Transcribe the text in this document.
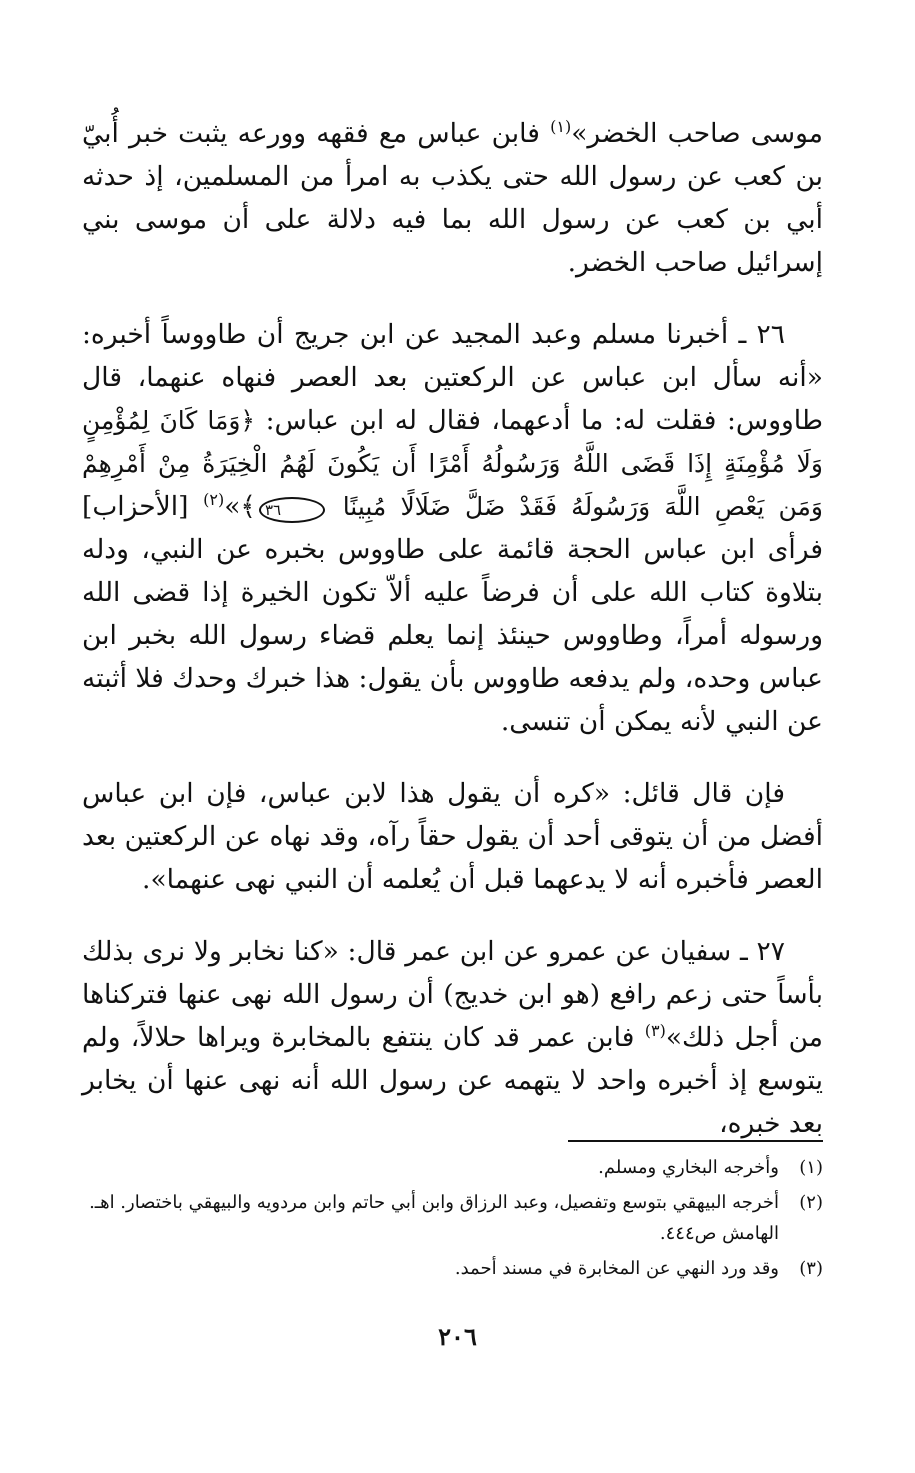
موسى صاحب الخضر»$^{(١)}$ فابن عباس مع فقهه وورعه يثبت خبر أُبيّ بن كعب عن رسول الله حتى يكذب به امرأ من المسلمين، إذ حدثه أبي بن كعب عن رسول الله بما فيه دلالة على أن موسى بني إسرائيل صاحب الخضر.

٢٦ ـ أخبرنا مسلم وعبد المجيد عن ابن جريج أن طاووساً أخبره: «أنه سأل ابن عباس عن الركعتين بعد العصر فنهاه عنهما، قال طاووس: فقلت له: ما أدعهما، فقال له ابن عباس: ﴿وَمَا كَانَ لِمُؤْمِنٍ وَلَا مُؤْمِنَةٍ إِذَا قَضَى اللَّهُ وَرَسُولُهُ أَمْرًا أَن يَكُونَ لَهُمُ الْخِيَرَةُ مِنْ أَمْرِهِمْ وَمَن يَعْصِ اللَّهَ وَرَسُولَهُ فَقَدْ ضَلَّ ضَلَالًا مُبِينًا ٣٦﴾»$^{(٢)}$ [الأحزاب] فرأى ابن عباس الحجة قائمة على طاووس بخبره عن النبي، ودله بتلاوة كتاب الله على أن فرضاً عليه ألاّ تكون الخيرة إذا قضى الله ورسوله أمراً، وطاووس حينئذ إنما يعلم قضاء رسول الله بخبر ابن عباس وحده، ولم يدفعه طاووس بأن يقول: هذا خبرك وحدك فلا أثبته عن النبي لأنه يمكن أن تنسى.

فإن قال قائل: «كره أن يقول هذا لابن عباس، فإن ابن عباس أفضل من أن يتوقى أحد أن يقول حقاً رآه، وقد نهاه عن الركعتين بعد العصر فأخبره أنه لا يدعهما قبل أن يُعلمه أن النبي نهى عنهما».

٢٧ ـ سفيان عن عمرو عن ابن عمر قال: «كنا نخابر ولا نرى بذلك بأساً حتى زعم رافع (هو ابن خديج) أن رسول الله نهى عنها فتركناها من أجل ذلك»$^{(٣)}$ فابن عمر قد كان ينتفع بالمخابرة ويراها حلالاً، ولم يتوسع إذ أخبره واحد لا يتهمه عن رسول الله أنه نهى عنها أن يخابر بعد خبره،

(١)
وأخرجه البخاري ومسلم.
(٢)
أخرجه البيهقي بتوسع وتفصيل، وعبد الرزاق وابن أبي حاتم وابن مردويه والبيهقي باختصار. اهـ. الهامش ص٤٤٤.
(٣)
وقد ورد النهي عن المخابرة في مسند أحمد.
٢٠٦
